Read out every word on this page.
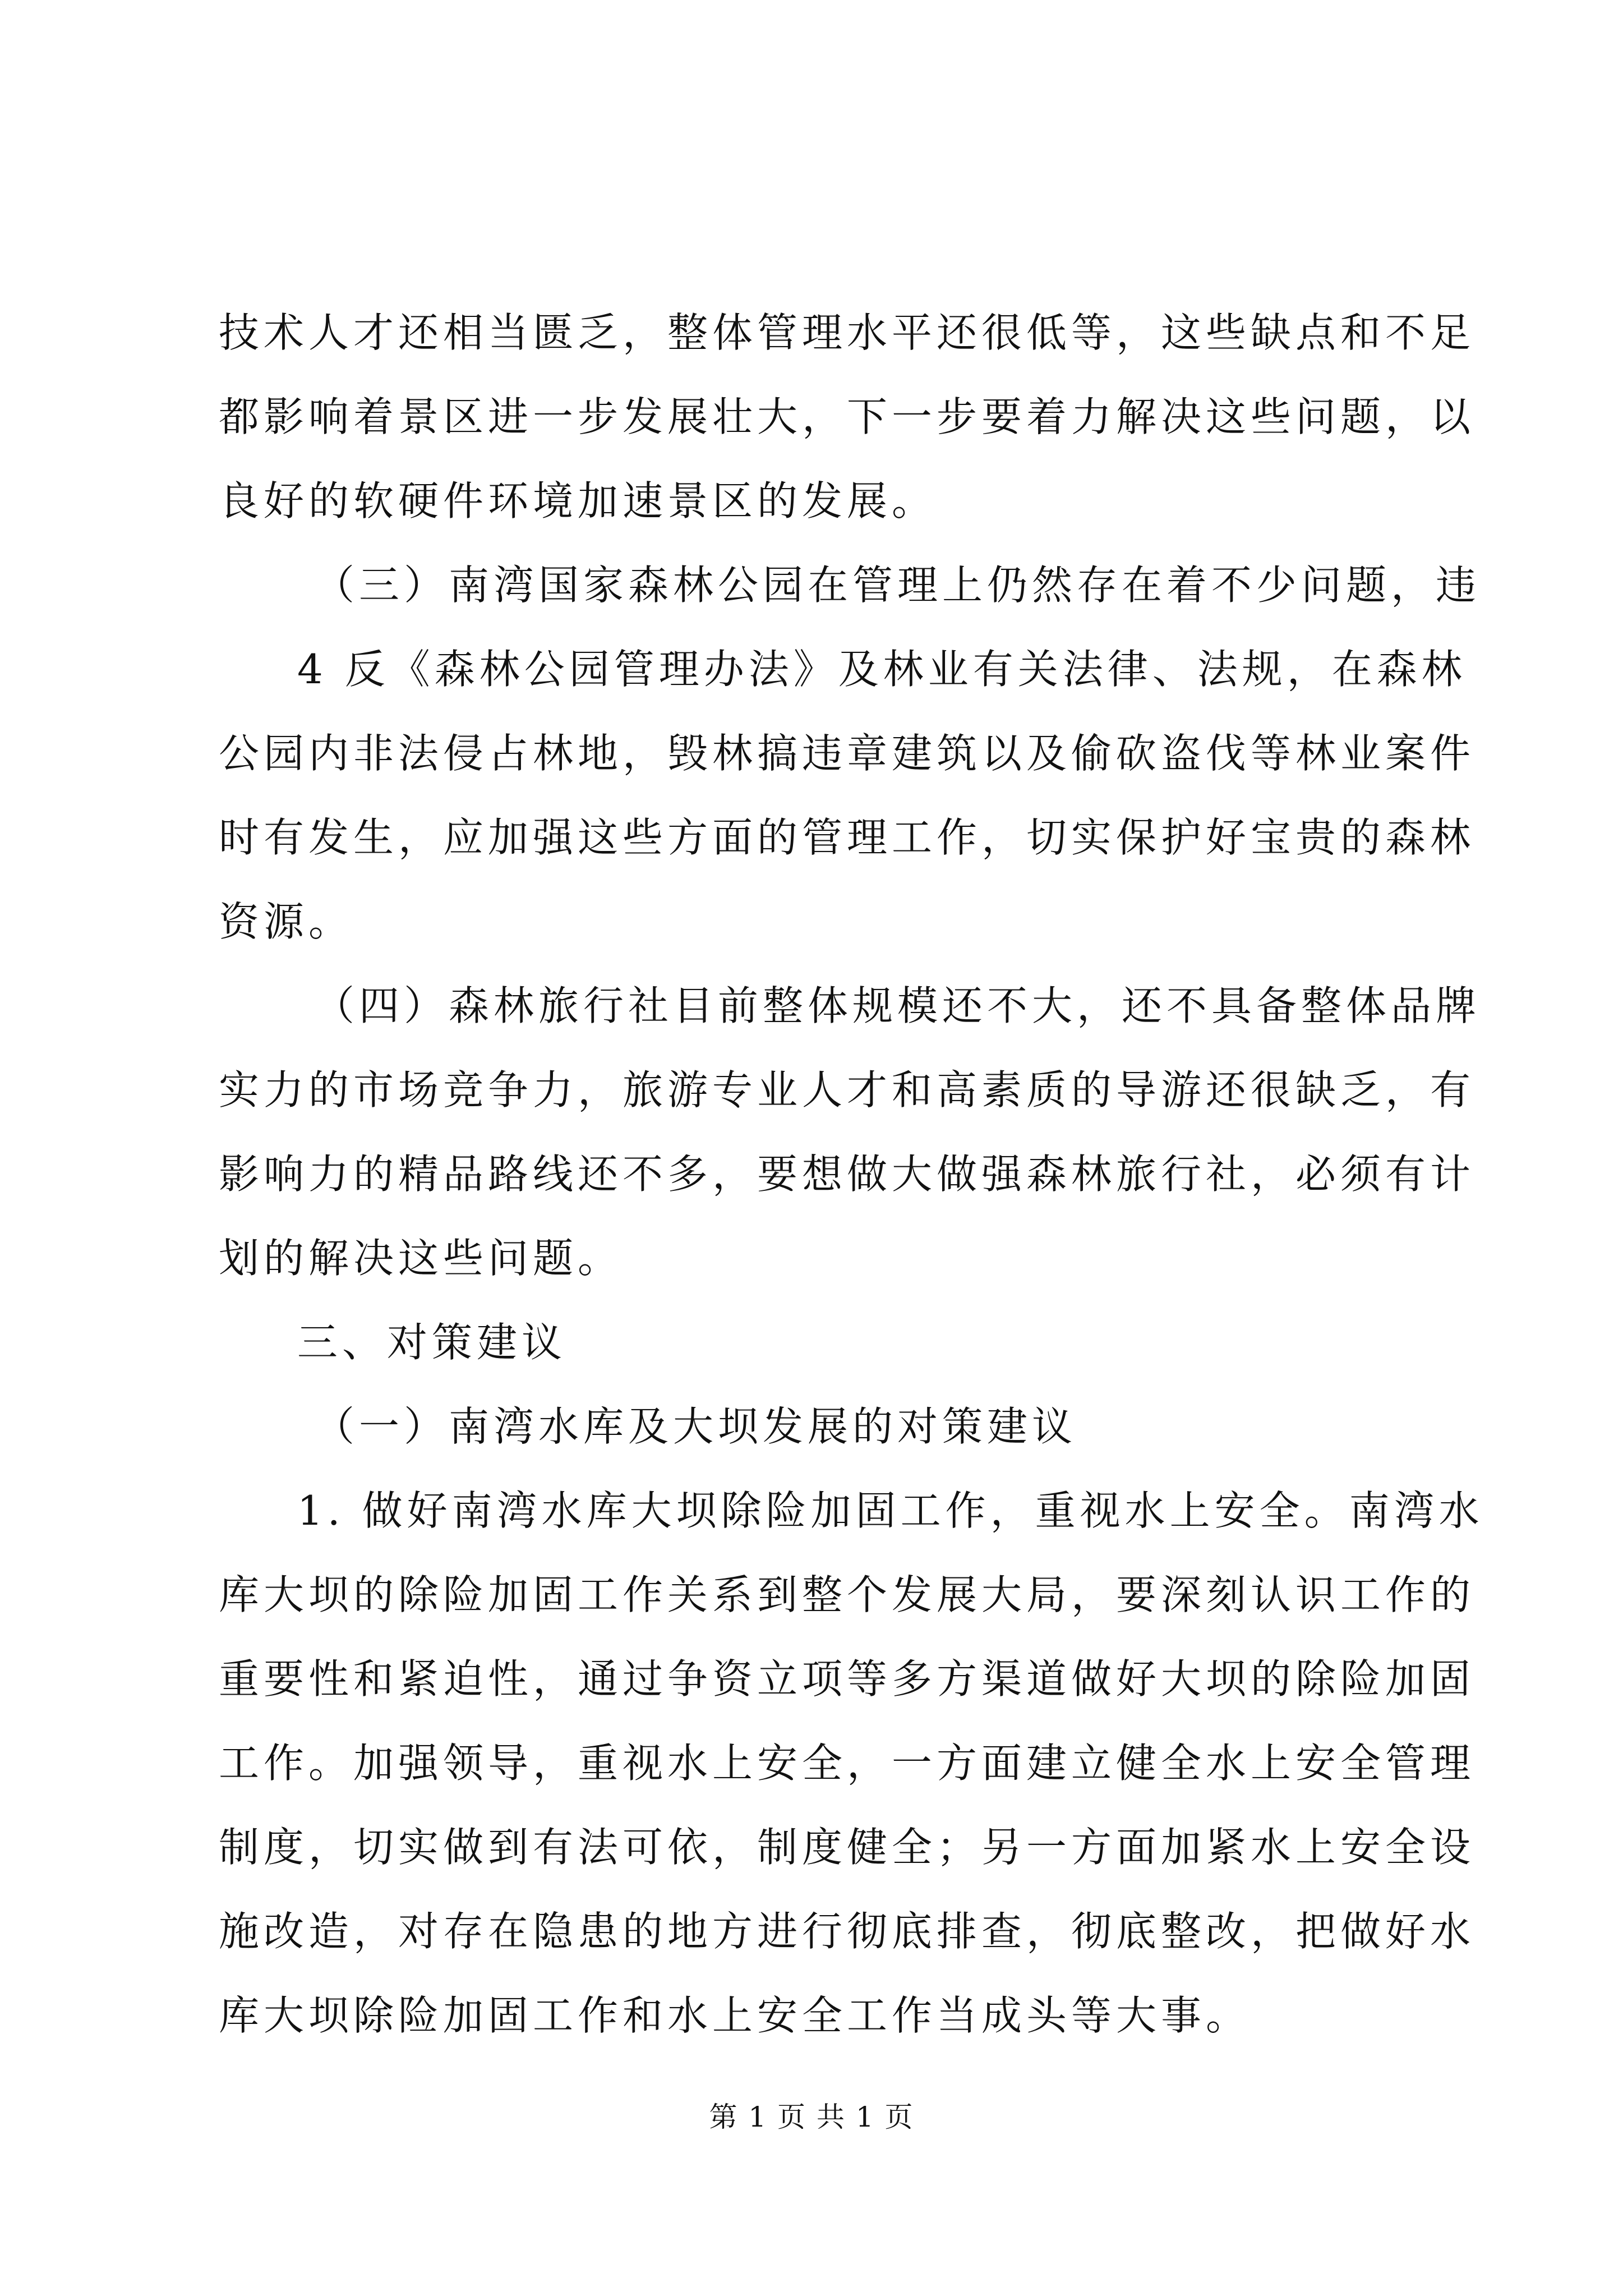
技术人才还相当匮乏，整体管理水平还很低等，这些缺点和不足
都影响着景区进一步发展壮大，下一步要着力解决这些问题，以
良好的软硬件环境加速景区的发展。
（三）南湾国家森林公园在管理上仍然存在着不少问题，违
4 反《森林公园管理办法》及林业有关法律、法规，在森林
公园内非法侵占林地，毁林搞违章建筑以及偷砍盗伐等林业案件
时有发生，应加强这些方面的管理工作，切实保护好宝贵的森林
资源。
（四）森林旅行社目前整体规模还不大，还不具备整体品牌
实力的市场竞争力，旅游专业人才和高素质的导游还很缺乏，有
影响力的精品路线还不多，要想做大做强森林旅行社，必须有计
划的解决这些问题。
三、对策建议
（一）南湾水库及大坝发展的对策建议
1. 做好南湾水库大坝除险加固工作，重视水上安全。南湾水
库大坝的除险加固工作关系到整个发展大局，要深刻认识工作的
重要性和紧迫性，通过争资立项等多方渠道做好大坝的除险加固
工作。加强领导，重视水上安全，一方面建立健全水上安全管理
制度，切实做到有法可依，制度健全；另一方面加紧水上安全设
施改造，对存在隐患的地方进行彻底排查，彻底整改，把做好水
库大坝除险加固工作和水上安全工作当成头等大事。
第 1 页 共 1 页
